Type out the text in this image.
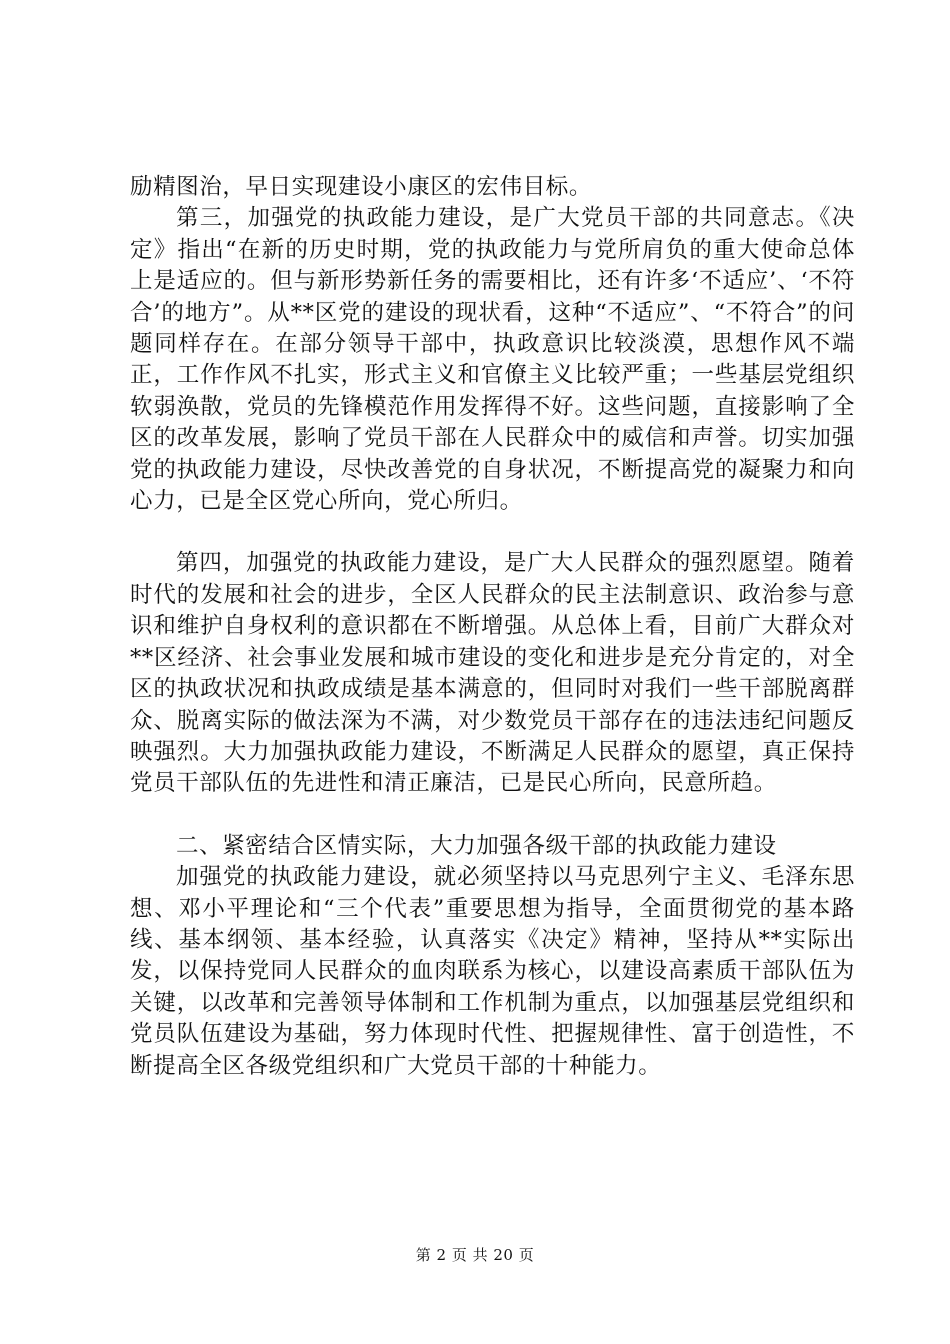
励精图治，早日实现建设小康区的宏伟目标。

第三，加强党的执政能力建设，是广大党员干部的共同意志。《决定》指出“在新的历史时期，党的执政能力与党所肩负的重大使命总体上是适应的。但与新形势新任务的需要相比，还有许多‘不适应’、‘不符合’的地方”。从**区党的建设的现状看，这种“不适应”、“不符合”的问题同样存在。在部分领导干部中，执政意识比较淡漠，思想作风不端正，工作作风不扎实，形式主义和官僚主义比较严重；一些基层党组织软弱涣散，党员的先锋模范作用发挥得不好。这些问题，直接影响了全区的改革发展，影响了党员干部在人民群众中的威信和声誉。切实加强党的执政能力建设，尽快改善党的自身状况，不断提高党的凝聚力和向心力，已是全区党心所向，党心所归。

第四，加强党的执政能力建设，是广大人民群众的强烈愿望。随着时代的发展和社会的进步，全区人民群众的民主法制意识、政治参与意识和维护自身权利的意识都在不断增强。从总体上看，目前广大群众对**区经济、社会事业发展和城市建设的变化和进步是充分肯定的，对全区的执政状况和执政成绩是基本满意的，但同时对我们一些干部脱离群众、脱离实际的做法深为不满，对少数党员干部存在的违法违纪问题反映强烈。大力加强执政能力建设，不断满足人民群众的愿望，真正保持党员干部队伍的先进性和清正廉洁，已是民心所向，民意所趋。

二、紧密结合区情实际，大力加强各级干部的执政能力建设

加强党的执政能力建设，就必须坚持以马克思列宁主义、毛泽东思想、邓小平理论和“三个代表”重要思想为指导，全面贯彻党的基本路线、基本纲领、基本经验，认真落实《决定》精神，坚持从**实际出发，以保持党同人民群众的血肉联系为核心，以建设高素质干部队伍为关键，以改革和完善领导体制和工作机制为重点，以加强基层党组织和党员队伍建设为基础，努力体现时代性、把握规律性、富于创造性，不断提高全区各级党组织和广大党员干部的十种能力。

第 2 页 共 20 页
